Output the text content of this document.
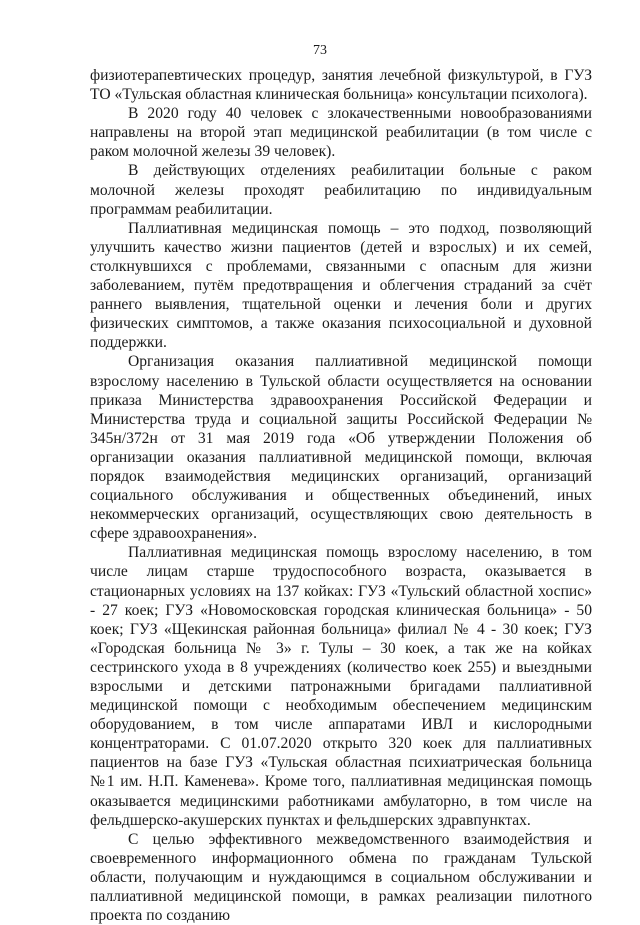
73

физиотерапевтических процедур, занятия лечебной физкультурой, в ГУЗ ТО «Тульская областная клиническая больница» консультации психолога).

В 2020 году 40 человек с злокачественными новообразованиями направлены на второй этап медицинской реабилитации (в том числе с раком молочной железы 39 человек).

В действующих отделениях реабилитации больные с раком молочной железы проходят реабилитацию по индивидуальным программам реабилитации.

Паллиативная медицинская помощь – это подход, позволяющий улучшить качество жизни пациентов (детей и взрослых) и их семей, столкнувшихся с проблемами, связанными с опасным для жизни заболеванием, путём предотвращения и облегчения страданий за счёт раннего выявления, тщательной оценки и лечения боли и других физических симптомов, а также оказания психосоциальной и духовной поддержки.

Организация оказания паллиативной медицинской помощи взрослому населению в Тульской области осуществляется на основании приказа Министерства здравоохранения Российской Федерации и Министерства труда и социальной защиты Российской Федерации № 345н/372н от 31 мая 2019 года «Об утверждении Положения об организации оказания паллиативной медицинской помощи, включая порядок взаимодействия медицинских организаций, организаций социального обслуживания и общественных объединений, иных некоммерческих организаций, осуществляющих свою деятельность в сфере здравоохранения».

Паллиативная медицинская помощь взрослому населению, в том числе лицам старше трудоспособного возраста, оказывается в стационарных условиях на 137 койках: ГУЗ «Тульский областной хоспис» - 27 коек; ГУЗ «Новомосковская городская клиническая больница» - 50 коек; ГУЗ «Щекинская районная больница» филиал № 4 - 30 коек; ГУЗ «Городская больница № 3» г. Тулы – 30 коек, а так же на койках сестринского ухода в 8 учреждениях (количество коек 255) и выездными взрослыми и детскими патронажными бригадами паллиативной медицинской помощи с необходимым обеспечением медицинским оборудованием, в том числе аппаратами ИВЛ и кислородными концентраторами. С 01.07.2020 открыто 320 коек для паллиативных пациентов на базе ГУЗ «Тульская областная психиатрическая больница №1 им. Н.П. Каменева». Кроме того, паллиативная медицинская помощь оказывается медицинскими работниками амбулаторно, в том числе на фельдшерско-акушерских пунктах и фельдшерских здравпунктах.

С целью эффективного межведомственного взаимодействия и своевременного информационного обмена по гражданам Тульской области, получающим и нуждающимся в социальном обслуживании и паллиативной медицинской помощи, в рамках реализации пилотного проекта по созданию
